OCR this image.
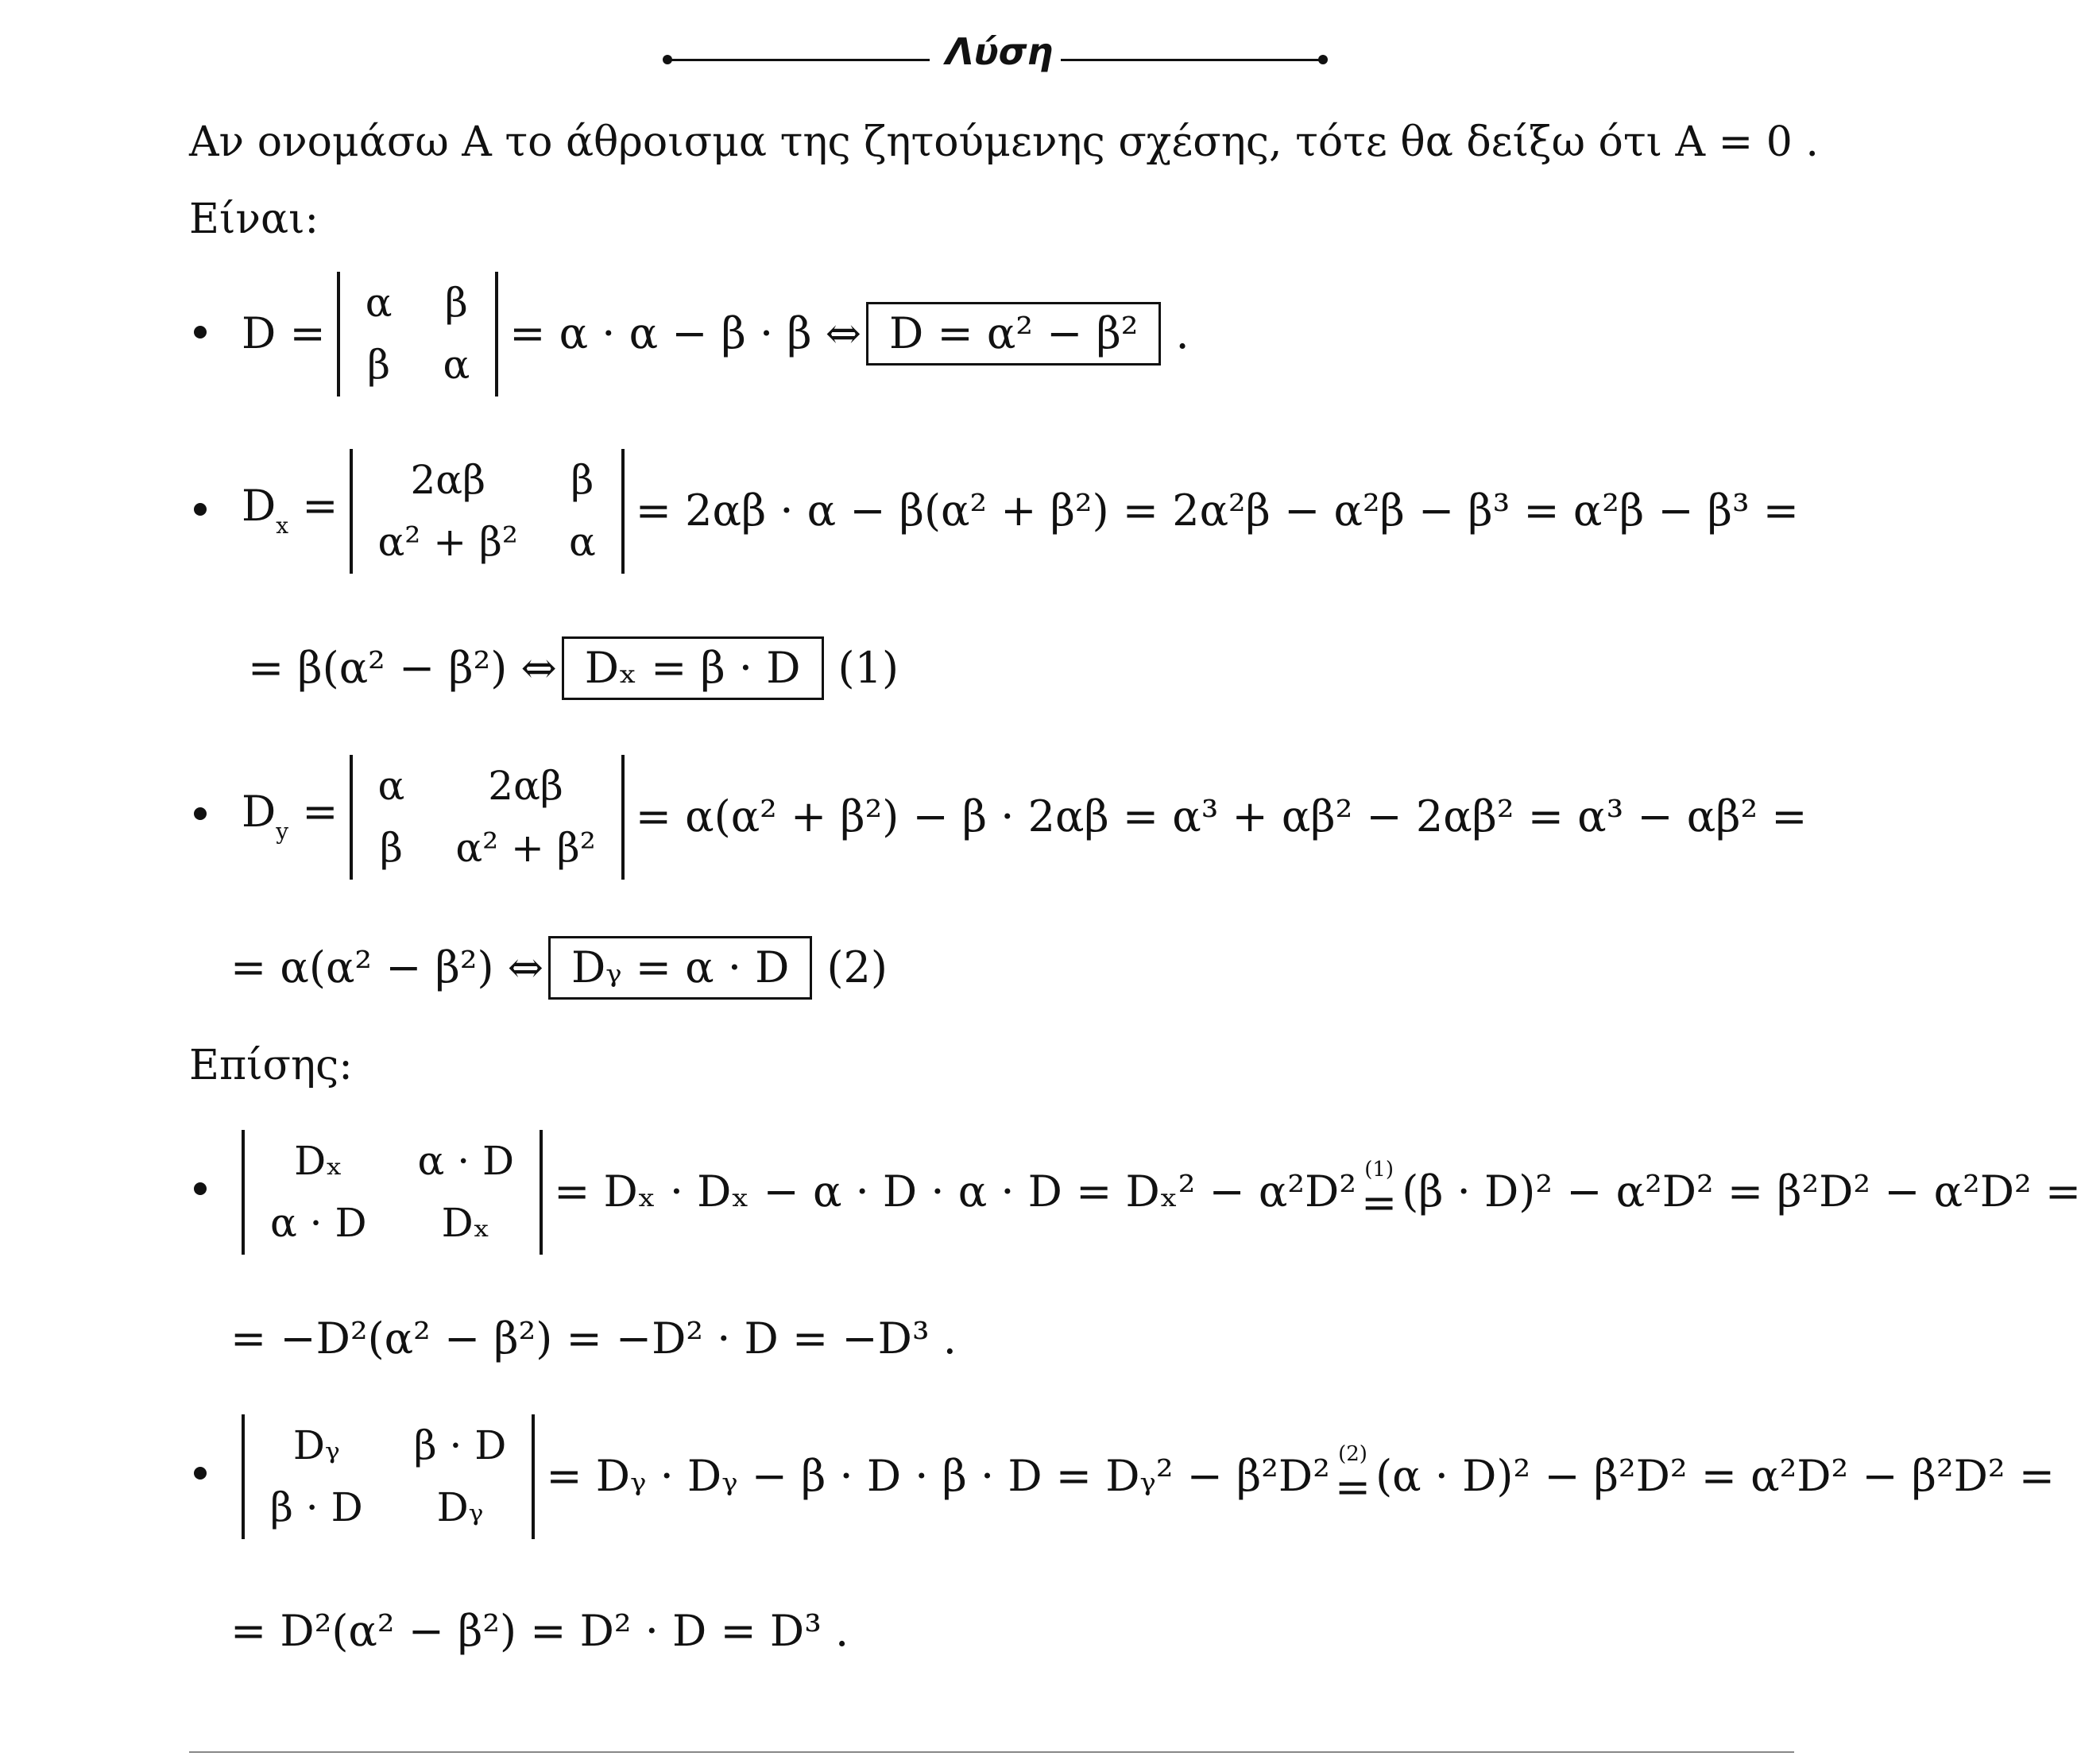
Λύση
Αν ονομάσω Α το άθροισμα της ζητούμενης σχέσης, τότε θα δείξω ότι Α = 0 .
Είναι:
D =
α	β
β	α
= α · α − β · β ⇔ D = α² − β² .
$D_x$ =
2αβ	β
α² + β²	α
= 2αβ · α − β(α² + β²) = 2α²β − α²β − β³ = α²β − β³ =
= β(α² − β²) ⇔ Dₓ = β · D (1)
$D_y$ =
α	2αβ
β	α² + β²
= α(α² + β²) − β · 2αβ = α³ + αβ² − 2αβ² = α³ − αβ² =
= α(α² − β²) ⇔ Dᵧ = α · D (2)
Επίσης:
Dₓ	α · D
α · D	Dₓ
= Dₓ · Dₓ − α · D · α · D = Dₓ² − α²D² (1)
= (β · D)² − α²D² = β²D² − α²D² =
= −D²(α² − β²) = −D² · D = −D³ .
Dᵧ	β · D
β · D	Dᵧ
= Dᵧ · Dᵧ − β · D · β · D = Dᵧ² − β²D² (2)
= (α · D)² − β²D² = α²D² − β²D² =
= D²(α² − β²) = D² · D = D³ .
